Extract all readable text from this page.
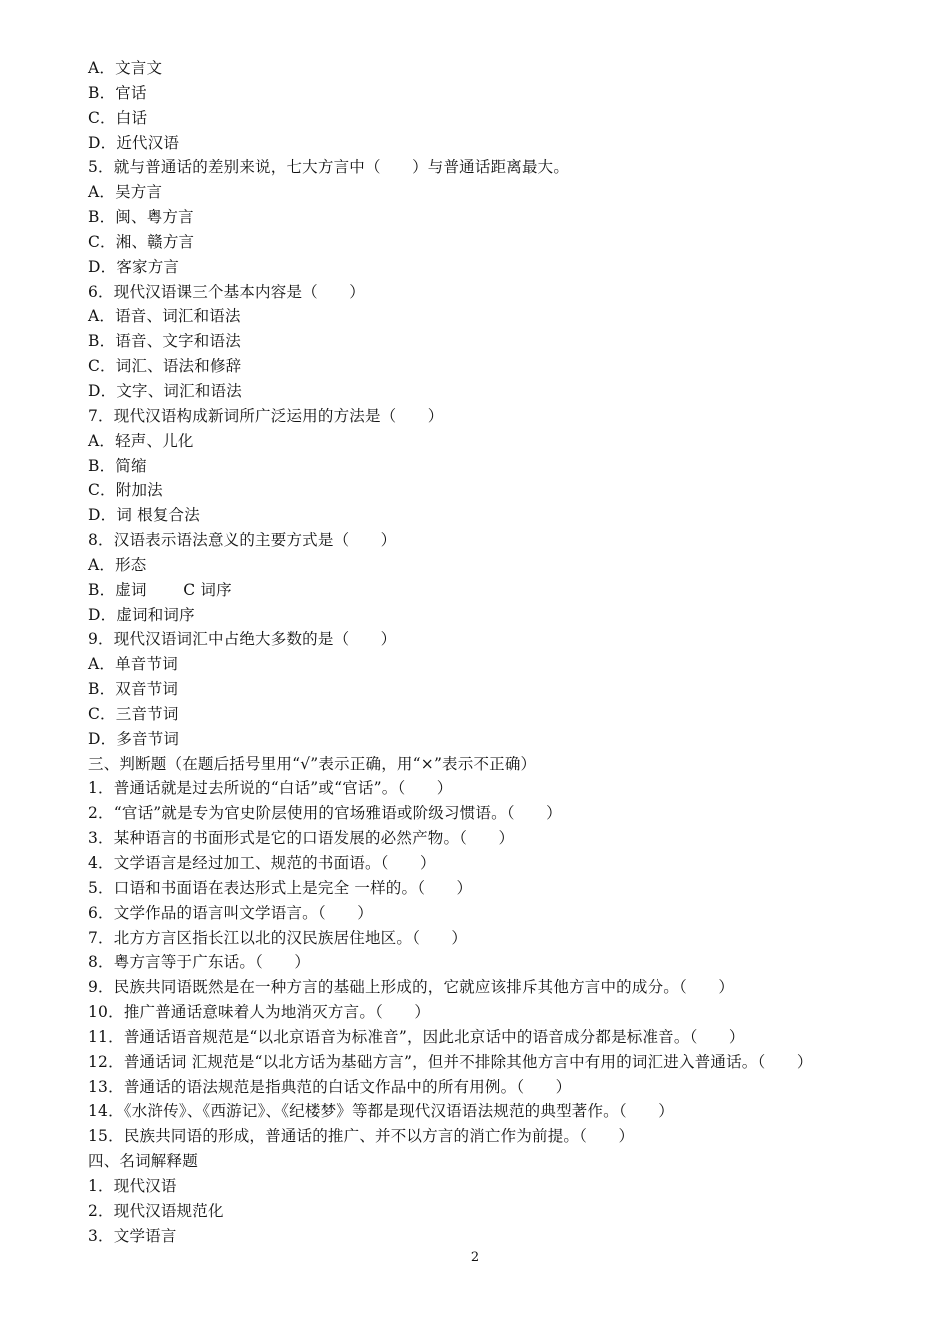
A．文言文
B．官话
C．白话
D．近代汉语
5．就与普通话的差别来说，七大方言中（　　）与普通话距离最大。
A．吴方言
B．闽、粤方言
C．湘、赣方言
D．客家方言
6．现代汉语课三个基本内容是（　　）
A．语音、词汇和语法
B．语音、文字和语法
C．词汇、语法和修辞
D．文字、词汇和语法
7．现代汉语构成新词所广泛运用的方法是（　　）
A．轻声、儿化
B．简缩
C．附加法
D．词 根复合法
8．汉语表示语法意义的主要方式是（　　）
A．形态
B．虚词　　 C 词序
D．虚词和词序
9．现代汉语词汇中占绝大多数的是（　　）
A．单音节词
B．双音节词
C．三音节词
D．多音节词
三、判断题（在题后括号里用“√”表示正确，用“×”表示不正确）
1．普通话就是过去所说的“白话”或“官话”。（　　）
2．“官话”就是专为官史阶层使用的官场雅语或阶级习惯语。（　　）
3．某种语言的书面形式是它的口语发展的必然产物。（　　）
4．文学语言是经过加工、规范的书面语。（　　）
5．口语和书面语在表达形式上是完全 一样的。（　　）
6．文学作品的语言叫文学语言。（　　）
7．北方方言区指长江以北的汉民族居住地区。（　　）
8．粤方言等于广东话。（　　）
9．民族共同语既然是在一种方言的基础上形成的，它就应该排斥其他方言中的成分。（　　）
10．推广普通话意味着人为地消灭方言。（　　）
11．普通话语音规范是“以北京语音为标准音”，因此北京话中的语音成分都是标准音。（　　）
12．普通话词 汇规范是“以北方话为基础方言”，但并不排除其他方言中有用的词汇进入普通话。（　　）
13．普通话的语法规范是指典范的白话文作品中的所有用例。（　　）
14．《水浒传》、《西游记》、《纪楼梦》等都是现代汉语语法规范的典型著作。（　　）
15．民族共同语的形成，普通话的推广、并不以方言的消亡作为前提。（　　）
四、名词解释题
1．现代汉语
2．现代汉语规范化
3．文学语言
2
